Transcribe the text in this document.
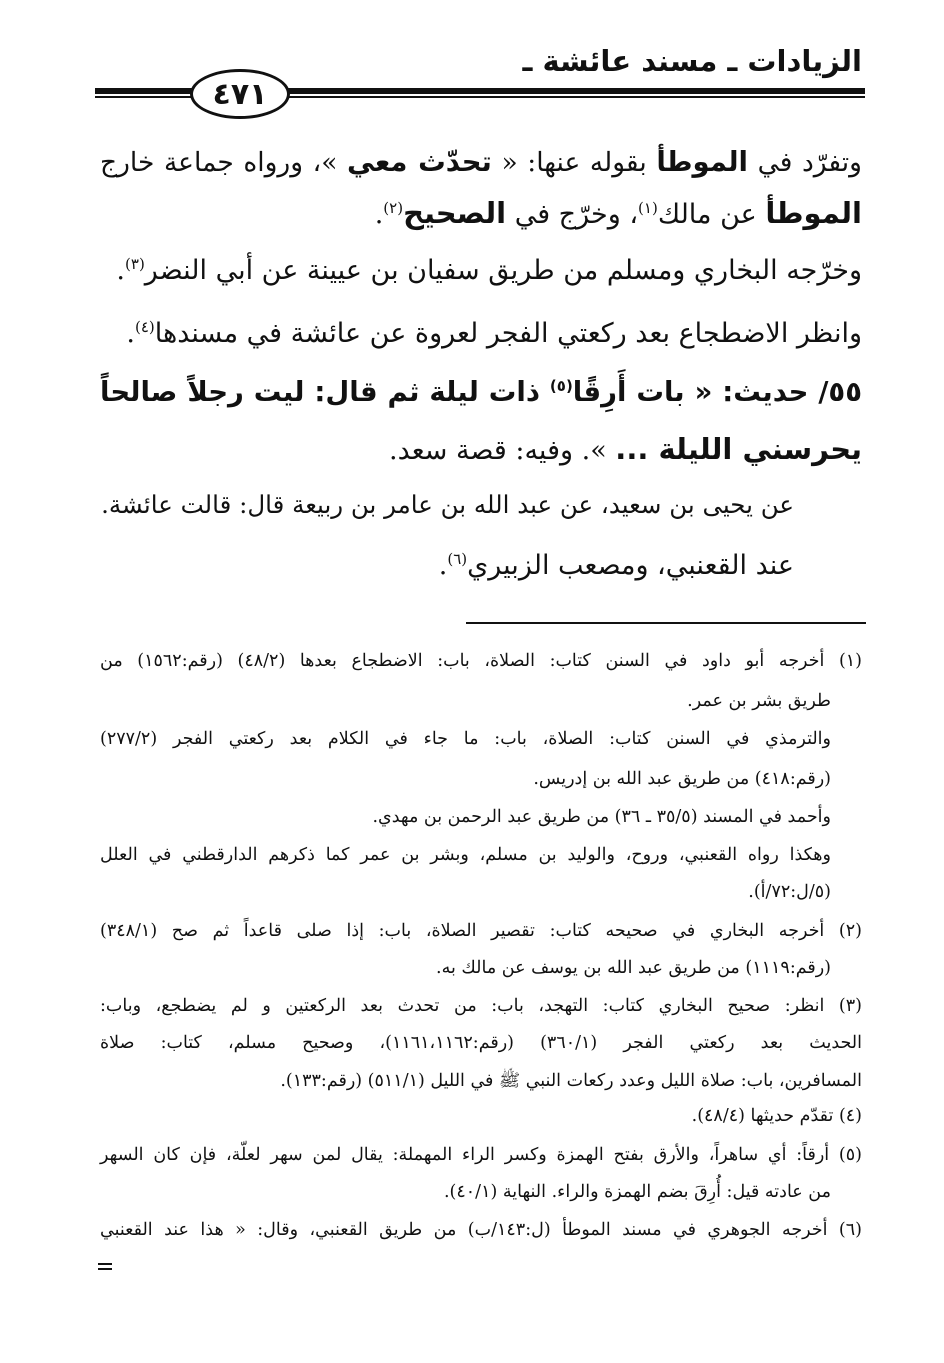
الزيادات ـ مسند عائشة ـ
٤٧١
وتفرّد في الموطأ بقوله عنها: « تحدّث معي »، ورواه جماعة خارج
الموطأ عن مالك$^{(١)}$، وخرّج في الصحيح$^{(٢)}$.
وخرّجه البخاري ومسلم من طريق سفيان بن عيينة عن أبي النضر$^{(٣)}$.
وانظر الاضطجاع بعد ركعتي الفجر لعروة عن عائشة في مسندها$^{(٤)}$.
٥٥/ حديث: « بات أَرِقًا$^{(٥)}$ ذات ليلة ثم قال: ليت رجلاً صالحاً
يحرسني الليلة ... ». وفيه: قصة سعد.
عن يحيى بن سعيد، عن عبد الله بن عامر بن ربيعة قال: قالت عائشة.
عند القعنبي، ومصعب الزبيري$^{(٦)}$.
(١) أخرجه أبو داود في السنن كتاب: الصلاة، باب: الاضطجاع بعدها (٤٨/٢) (رقم:١٥٦٢) من
طريق بشر بن عمر.
والترمذي في السنن كتاب: الصلاة، باب: ما جاء في الكلام بعد ركعتي الفجر (٢٧٧/٢)
(رقم:٤١٨) من طريق عبد الله بن إدريس.
وأحمد في المسند (٣٥/٥ ـ ٣٦) من طريق عبد الرحمن بن مهدي.
وهكذا رواه القعنبي، وروح، والوليد بن مسلم، وبشر بن عمر كما ذكرهم الدارقطني في العلل
(٥/ل:٧٢/أ).
(٢) أخرجه البخاري في صحيحه كتاب: تقصير الصلاة، باب: إذا صلى قاعداً ثم صح (٣٤٨/١)
(رقم:١١١٩) من طريق عبد الله بن يوسف عن مالك به.
(٣) انظر: صحيح البخاري كتاب: التهجد، باب: من تحدث بعد الركعتين و لم يضطجع، وباب:
الحديث بعد ركعتي الفجر (٣٦٠/١) (رقم:١١٦١،١١٦٢)، وصحيح مسلم، كتاب: صلاة
المسافرين، باب: صلاة الليل وعدد ركعات النبي ﷺ في الليل (٥١١/١) (رقم:١٣٣).
(٤) تقدّم حديثها (٤٨/٤).
(٥) أرقاً: أي ساهراً، والأرق بفتح الهمزة وكسر الراء المهملة: يقال لمن سهر لعلّة، فإن كان السهر
من عادته قيل: أُرِقَ بضم الهمزة والراء. النهاية (٤٠/١).
(٦) أخرجه الجوهري في مسند الموطأ (ل:١٤٣/ب) من طريق القعنبي، وقال: « هذا عند القعنبي
